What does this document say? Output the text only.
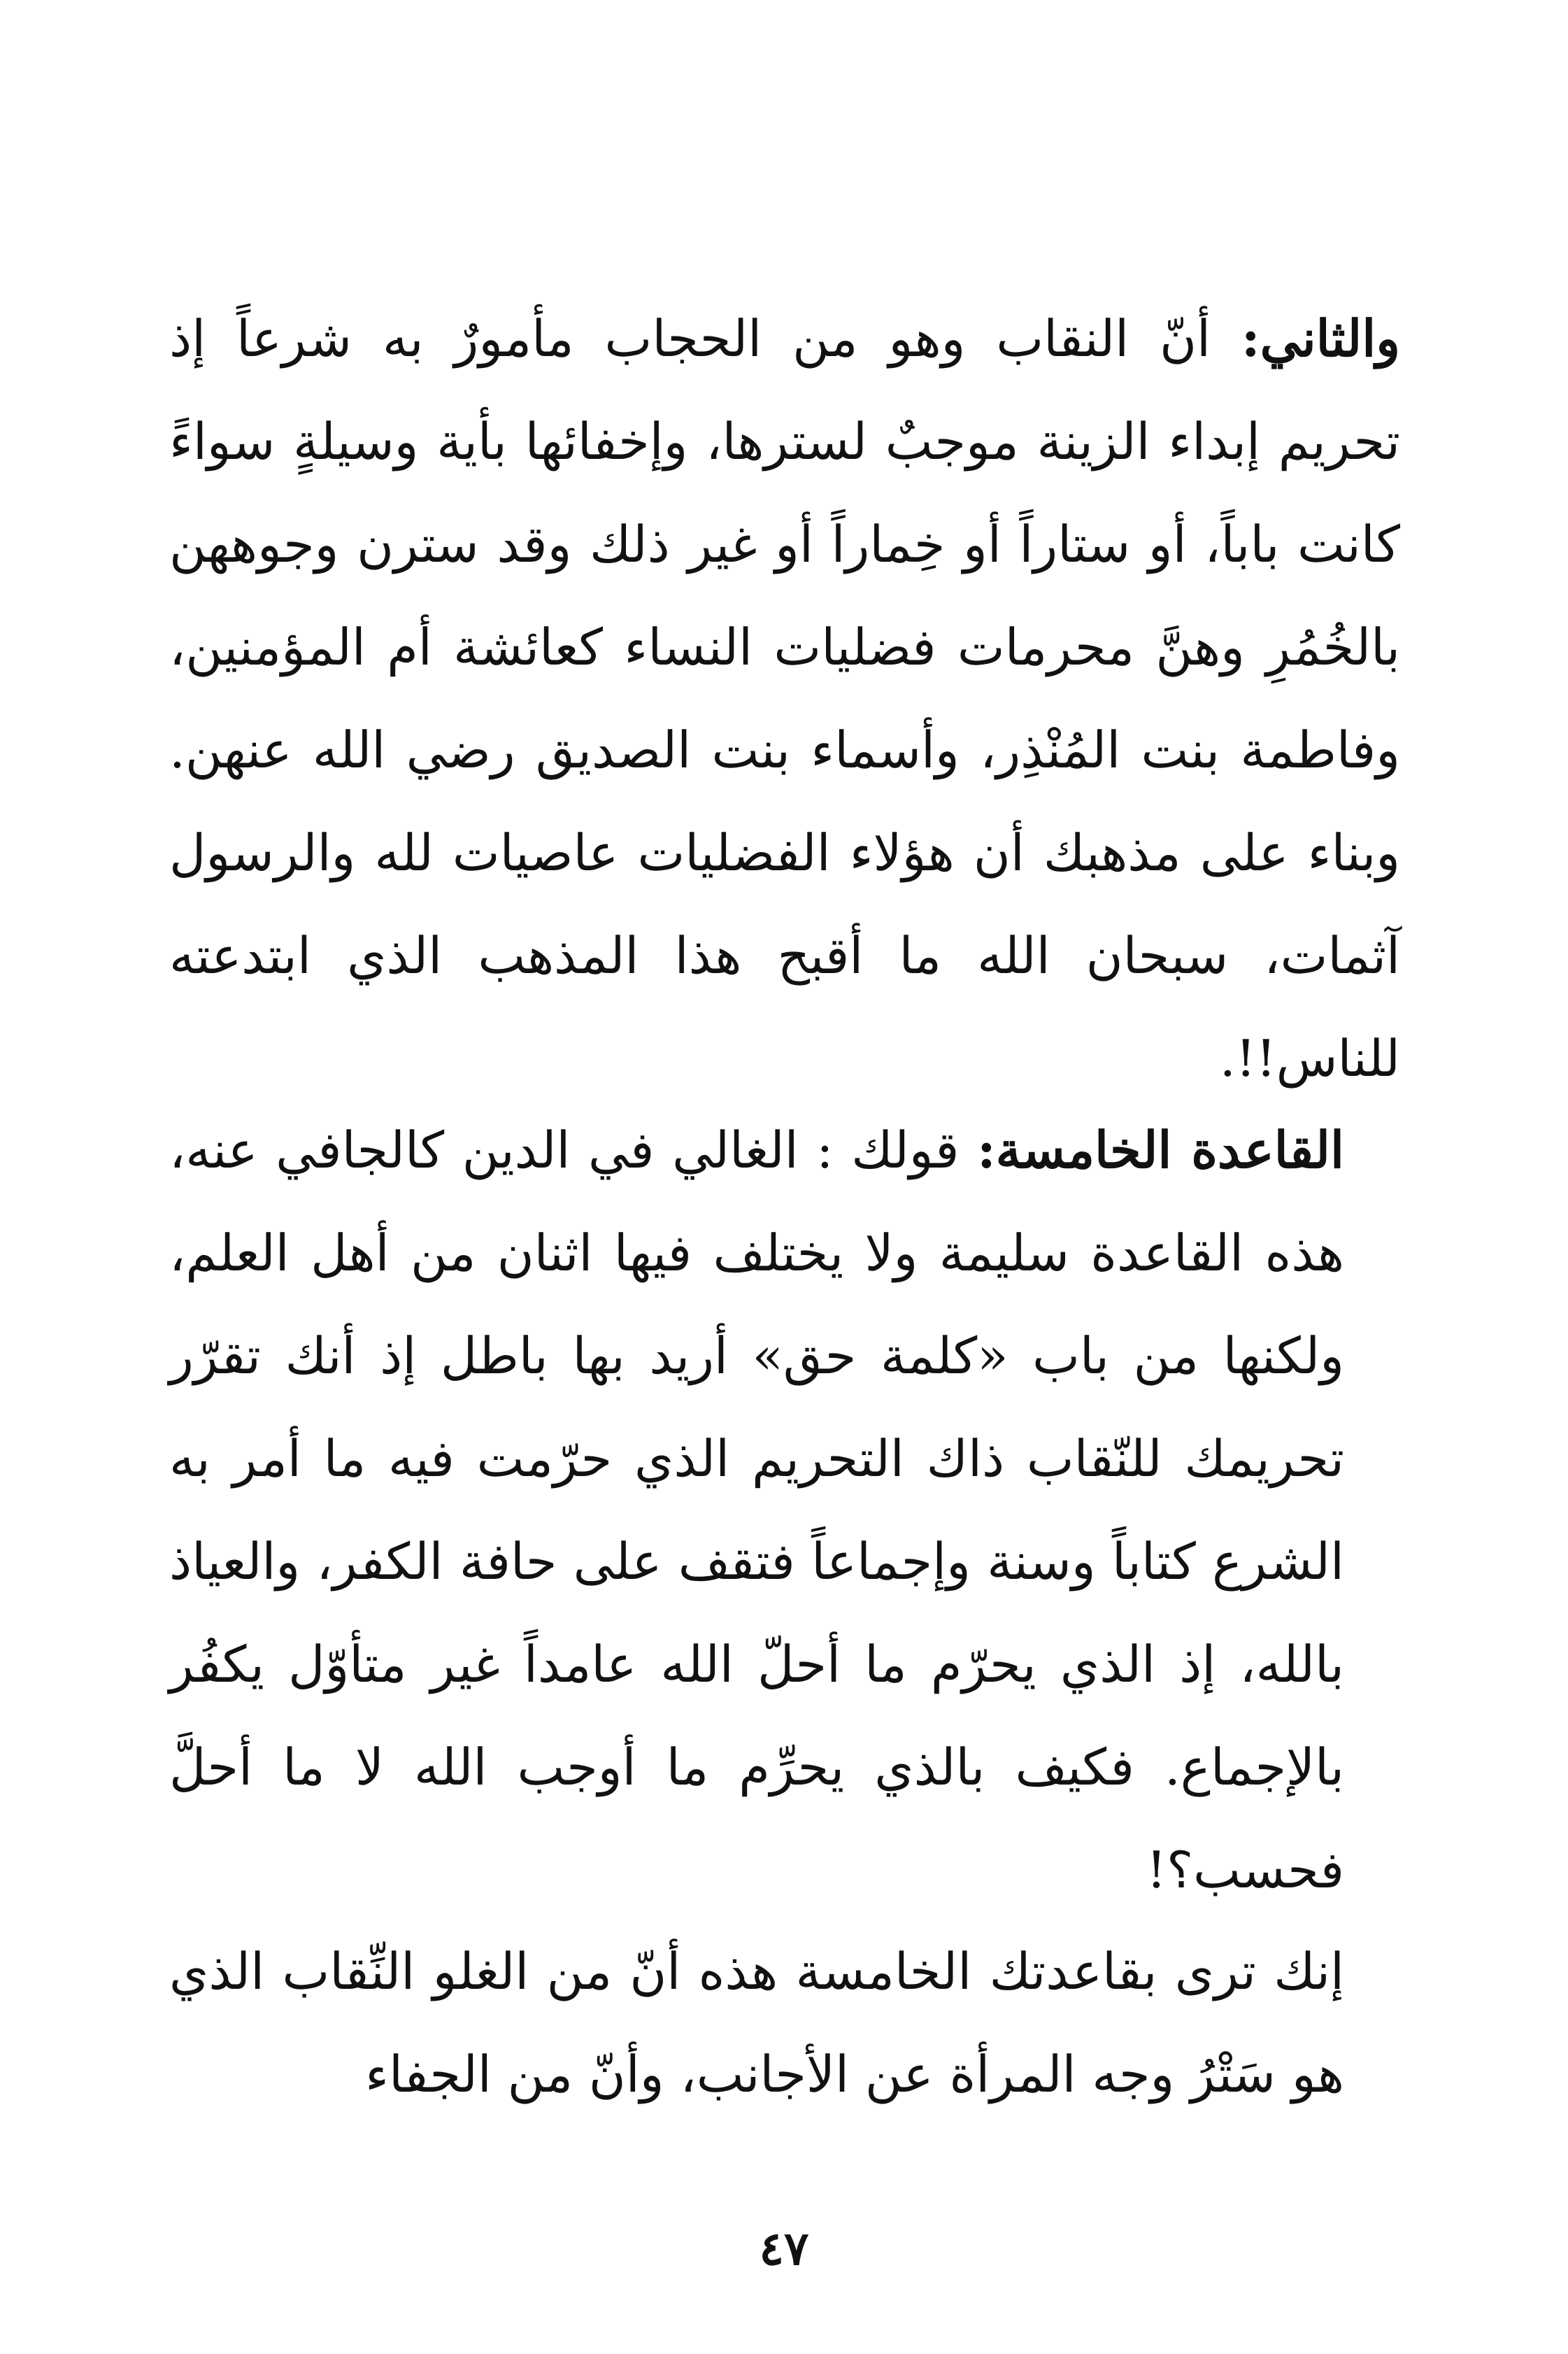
والثاني: أنّ النقاب وهو من الحجاب مأمورٌ به شرعاً إذ تحريم إبداء الزينة موجبٌ لسترها، وإخفائها بأية وسيلةٍ سواءً كانت باباً، أو ستاراً أو خِماراً أو غير ذلك وقد سترن وجوههن بالخُمُرِ وهنَّ محرمات فضليات النساء كعائشة أم المؤمنين، وفاطمة بنت المُنْذِر، وأسماء بنت الصديق رضي الله عنهن. وبناء على مذهبك أن هؤلاء الفضليات عاصيات لله والرسول آثمات، سبحان الله ما أقبح هذا المذهب الذي ابتدعته للناس!!.

القاعدة الخامسة: قولك : الغالي في الدين كالجافي عنه، هذه القاعدة سليمة ولا يختلف فيها اثنان من أهل العلم، ولكنها من باب «كلمة حق» أريد بها باطل إذ أنك تقرّر تحريمك للنّقاب ذاك التحريم الذي حرّمت فيه ما أمر به الشرع كتاباً وسنة وإجماعاً فتقف على حافة الكفر، والعياذ بالله، إذ الذي يحرّم ما أحلّ الله عامداً غير متأوّل يكفُر بالإجماع. فكيف بالذي يحرِّم ما أوجب الله لا ما أحلَّ فحسب؟!

إنك ترى بقاعدتك الخامسة هذه أنّ من الغلو النِّقاب الذي هو سَتْرُ وجه المرأة عن الأجانب، وأنّ من الجفاء

٤٧
